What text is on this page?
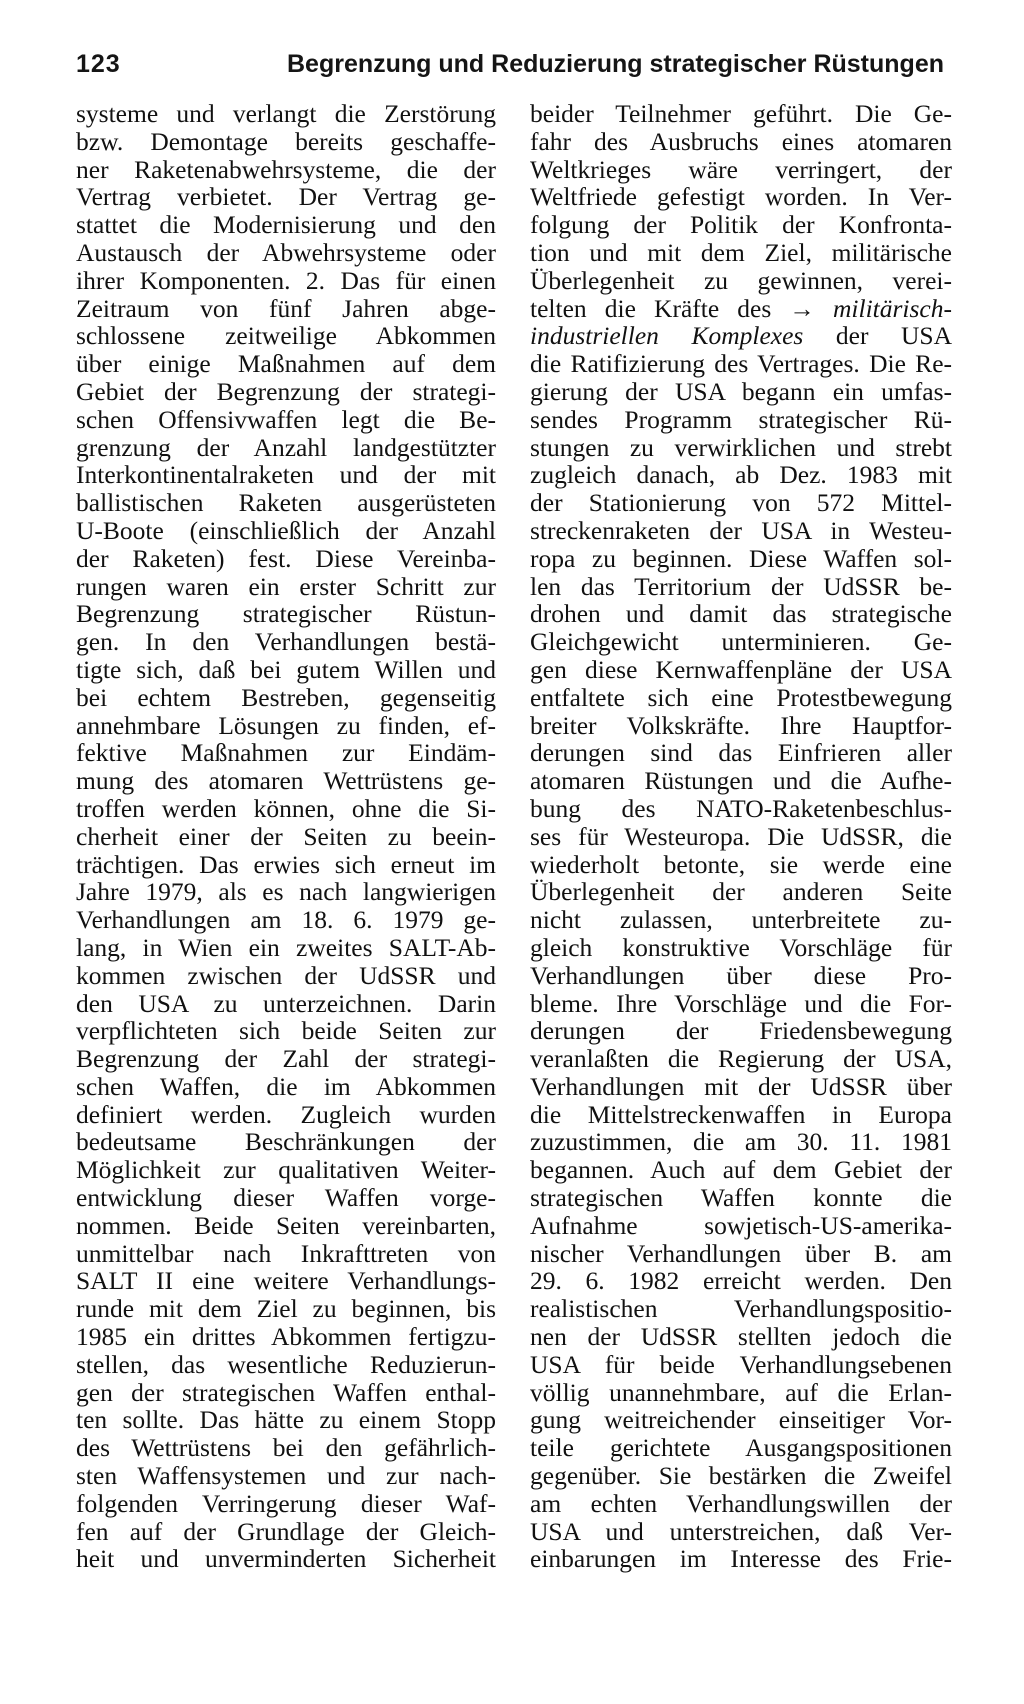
123	Begrenzung und Reduzierung strategischer Rüstungen
systeme und verlangt die Zerstörung
bzw. Demontage bereits geschaffe-
ner Raketenabwehrsysteme, die der
Vertrag verbietet. Der Vertrag ge-
stattet die Modernisierung und den
Austausch der Abwehrsysteme oder
ihrer Komponenten. 2. Das für einen
Zeitraum von fünf Jahren abge-
schlossene zeitweilige Abkommen
über einige Maßnahmen auf dem
Gebiet der Begrenzung der strategi-
schen Offensivwaffen legt die Be-
grenzung der Anzahl landgestützter
Interkontinentalraketen und der mit
ballistischen Raketen ausgerüsteten
U-Boote (einschließlich der Anzahl
der Raketen) fest. Diese Vereinba-
rungen waren ein erster Schritt zur
Begrenzung strategischer Rüstun-
gen. In den Verhandlungen bestä-
tigte sich, daß bei gutem Willen und
bei echtem Bestreben, gegenseitig
annehmbare Lösungen zu finden, ef-
fektive Maßnahmen zur Eindäm-
mung des atomaren Wettrüstens ge-
troffen werden können, ohne die Si-
cherheit einer der Seiten zu beein-
trächtigen. Das erwies sich erneut im
Jahre 1979, als es nach langwierigen
Verhandlungen am 18. 6. 1979 ge-
lang, in Wien ein zweites SALT-Ab-
kommen zwischen der UdSSR und
den USA zu unterzeichnen. Darin
verpflichteten sich beide Seiten zur
Begrenzung der Zahl der strategi-
schen Waffen, die im Abkommen
definiert werden. Zugleich wurden
bedeutsame Beschränkungen der
Möglichkeit zur qualitativen Weiter-
entwicklung dieser Waffen vorge-
nommen. Beide Seiten vereinbarten,
unmittelbar nach Inkrafttreten von
SALT II eine weitere Verhandlungs-
runde mit dem Ziel zu beginnen, bis
1985 ein drittes Abkommen fertigzu-
stellen, das wesentliche Reduzierun-
gen der strategischen Waffen enthal-
ten sollte. Das hätte zu einem Stopp
des Wettrüstens bei den gefährlich-
sten Waffensystemen und zur nach-
folgenden Verringerung dieser Waf-
fen auf der Grundlage der Gleich-
heit und unverminderten Sicherheit
beider Teilnehmer geführt. Die Ge-
fahr des Ausbruchs eines atomaren
Weltkrieges wäre verringert, der
Weltfriede gefestigt worden. In Ver-
folgung der Politik der Konfronta-
tion und mit dem Ziel, militärische
Überlegenheit zu gewinnen, verei-
telten die Kräfte des → militärisch-
industriellen Komplexes der USA
die Ratifizierung des Vertrages. Die Re-
gierung der USA begann ein umfas-
sendes Programm strategischer Rü-
stungen zu verwirklichen und strebt
zugleich danach, ab Dez. 1983 mit
der Stationierung von 572 Mittel-
streckenraketen der USA in Westeu-
ropa zu beginnen. Diese Waffen sol-
len das Territorium der UdSSR be-
drohen und damit das strategische
Gleichgewicht unterminieren. Ge-
gen diese Kernwaffenpläne der USA
entfaltete sich eine Protestbewegung
breiter Volkskräfte. Ihre Hauptfor-
derungen sind das Einfrieren aller
atomaren Rüstungen und die Aufhe-
bung des NATO-Raketenbeschlus-
ses für Westeuropa. Die UdSSR, die
wiederholt betonte, sie werde eine
Überlegenheit der anderen Seite
nicht zulassen, unterbreitete zu-
gleich konstruktive Vorschläge für
Verhandlungen über diese Pro-
bleme. Ihre Vorschläge und die For-
derungen der Friedensbewegung
veranlaßten die Regierung der USA,
Verhandlungen mit der UdSSR über
die Mittelstreckenwaffen in Europa
zuzustimmen, die am 30. 11. 1981
begannen. Auch auf dem Gebiet der
strategischen Waffen konnte die
Aufnahme sowjetisch-US-amerika-
nischer Verhandlungen über B. am
29. 6. 1982 erreicht werden. Den
realistischen Verhandlungspositio-
nen der UdSSR stellten jedoch die
USA für beide Verhandlungsebenen
völlig unannehmbare, auf die Erlan-
gung weitreichender einseitiger Vor-
teile gerichtete Ausgangspositionen
gegenüber. Sie bestärken die Zweifel
am echten Verhandlungswillen der
USA und unterstreichen, daß Ver-
einbarungen im Interesse des Frie-
